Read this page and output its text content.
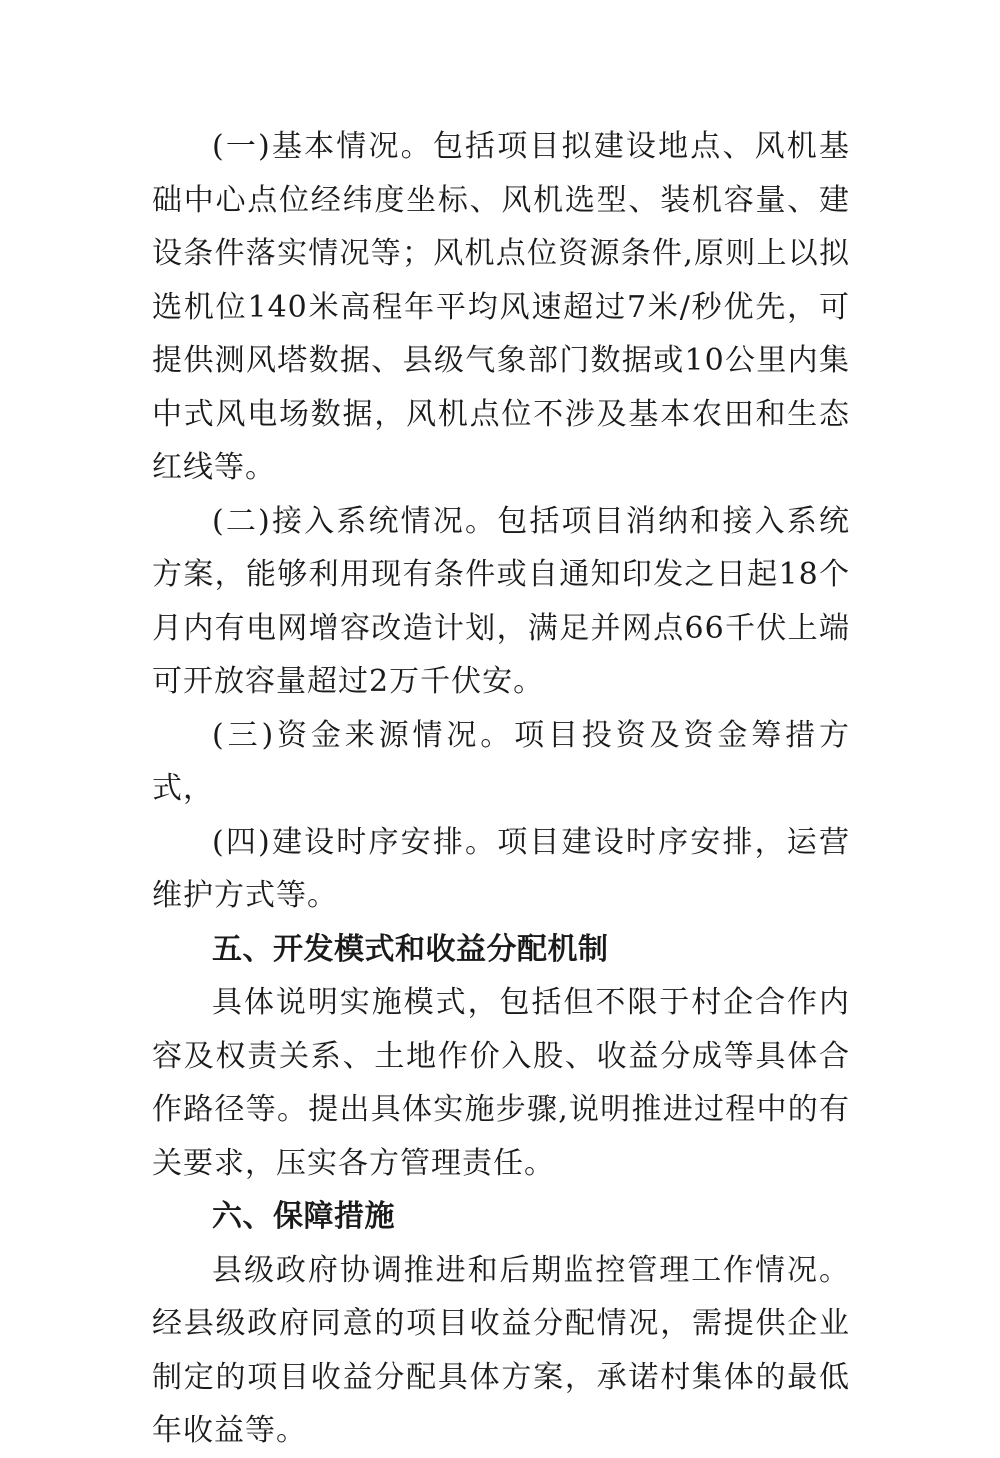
(一)基本情况。包括项目拟建设地点、风机基础中心点位经纬度坐标、风机选型、装机容量、建设条件落实情况等；风机点位资源条件,原则上以拟选机位140米高程年平均风速超过7米/秒优先，可提供测风塔数据、县级气象部门数据或10公里内集中式风电场数据，风机点位不涉及基本农田和生态红线等。

(二)接入系统情况。包括项目消纳和接入系统方案，能够利用现有条件或自通知印发之日起18个月内有电网增容改造计划，满足并网点66千伏上端可开放容量超过2万千伏安。

(三)资金来源情况。项目投资及资金筹措方式，

(四)建设时序安排。项目建设时序安排，运营维护方式等。

五、开发模式和收益分配机制

具体说明实施模式，包括但不限于村企合作内容及权责关系、土地作价入股、收益分成等具体合作路径等。提出具体实施步骤,说明推进过程中的有关要求，压实各方管理责任。

六、保障措施

县级政府协调推进和后期监控管理工作情况。经县级政府同意的项目收益分配情况，需提供企业制定的项目收益分配具体方案，承诺村集体的最低年收益等。
